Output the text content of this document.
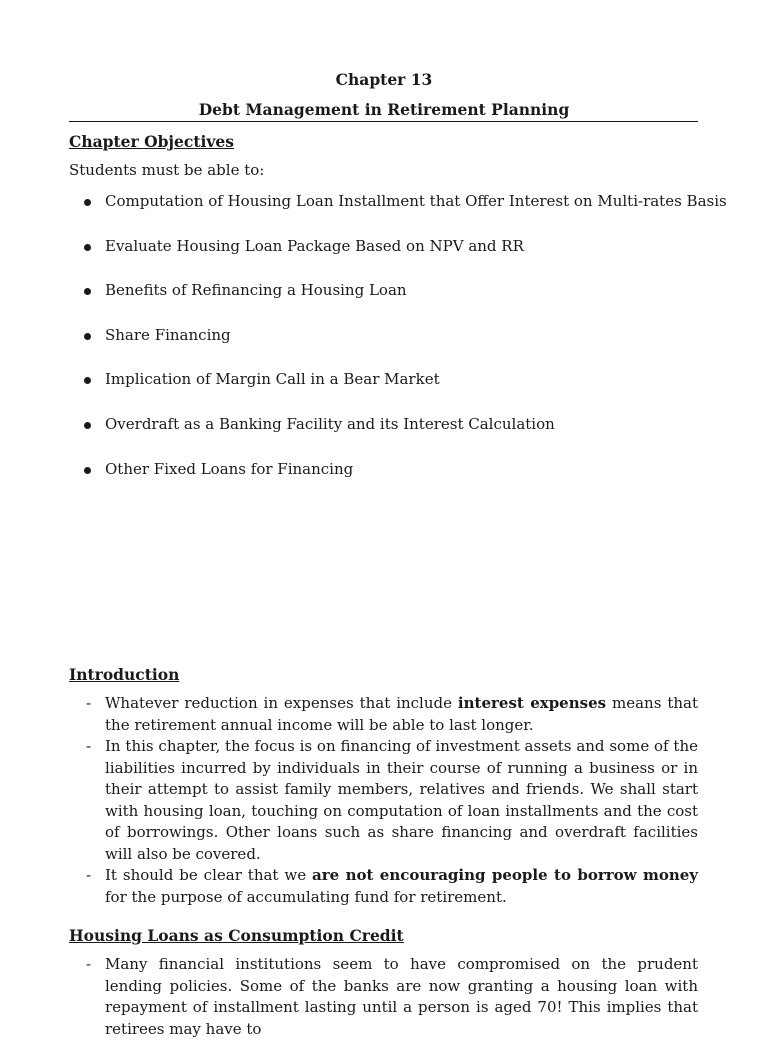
Chapter 13
Debt Management in Retirement Planning
Chapter Objectives
Students must be able to:
Computation of Housing Loan Installment that Offer Interest on Multi-rates Basis
Evaluate Housing Loan Package Based on NPV and RR
Benefits of Refinancing a Housing Loan
Share Financing
Implication of Margin Call in a Bear Market
Overdraft as a Banking Facility and its Interest Calculation
Other Fixed Loans for Financing
Introduction
- Whatever reduction in expenses that include interest expenses means that the retirement annual income will be able to last longer.
- In this chapter, the focus is on financing of investment assets and some of the liabilities incurred by individuals in their course of running a business or in their attempt to assist family members, relatives and friends. We shall start with housing loan, touching on computation of loan installments and the cost of borrowings. Other loans such as share financing and overdraft facilities will also be covered.
- It should be clear that we are not encouraging people to borrow money for the purpose of accumulating fund for retirement.
Housing Loans as Consumption Credit
- Many financial institutions seem to have compromised on the prudent lending policies. Some of the banks are now granting a housing loan with repayment of installment lasting until a person is aged 70! This implies that retirees may have to
